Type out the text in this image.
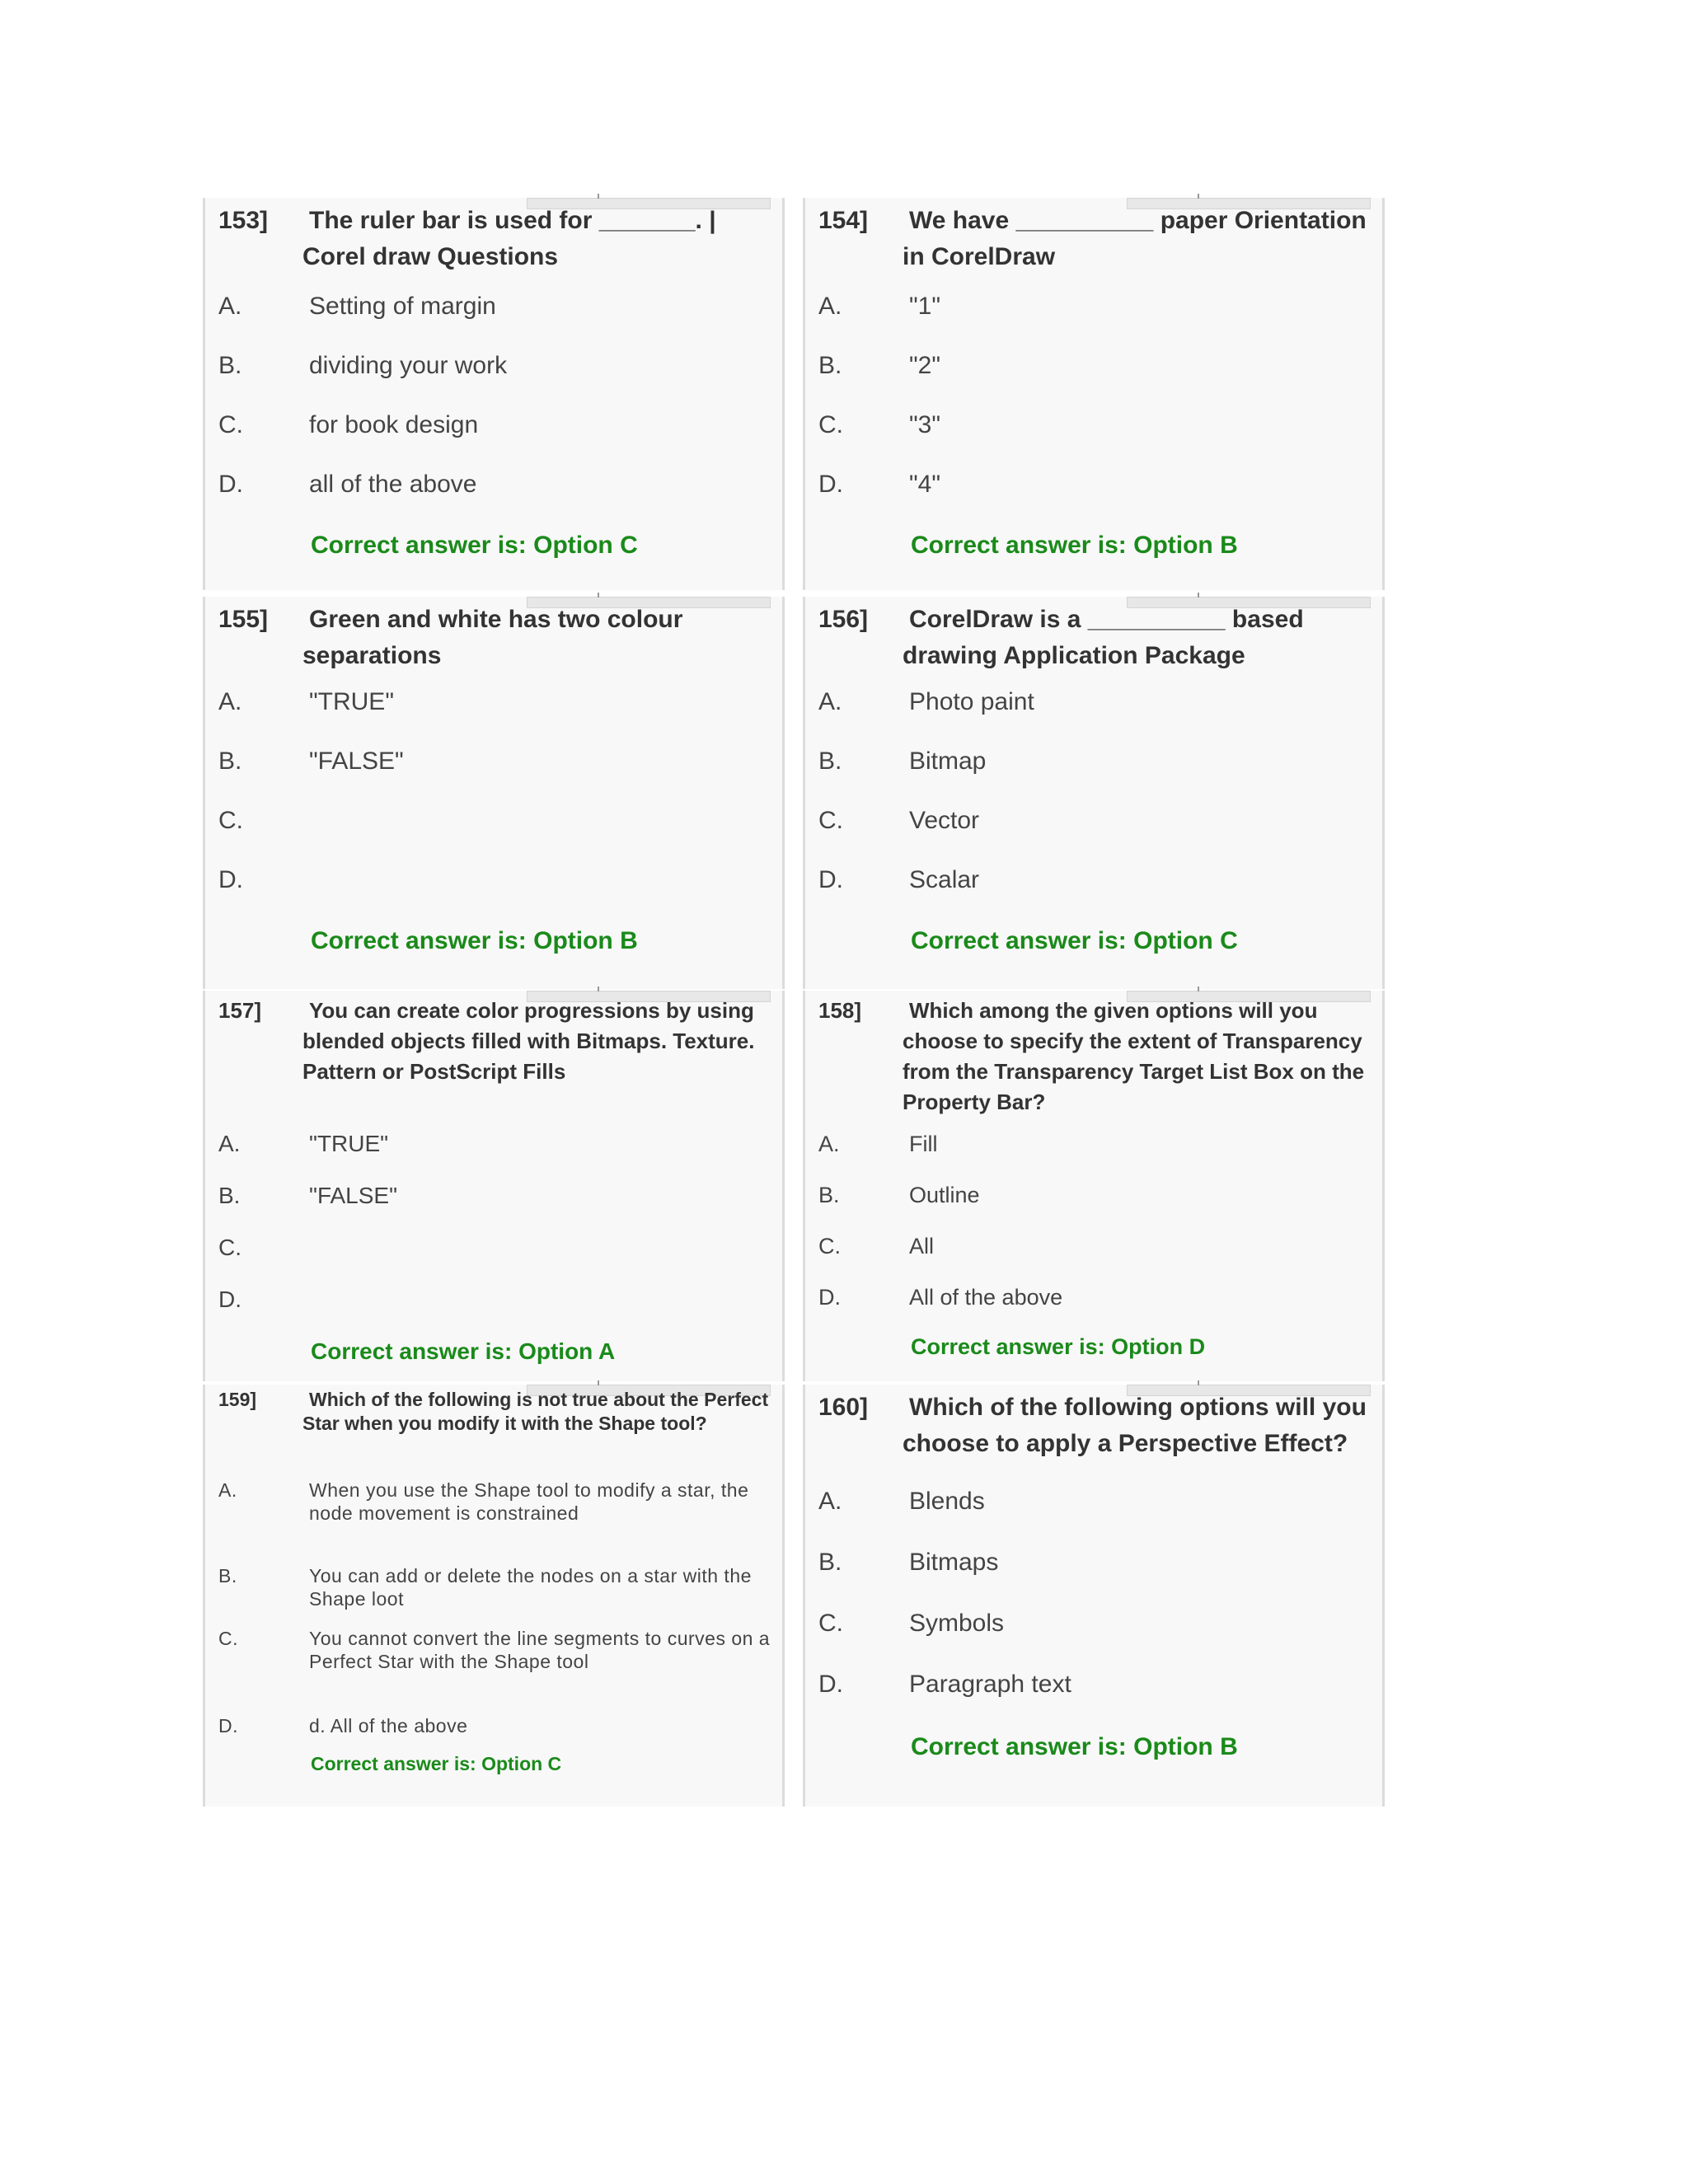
153] The ruler bar is used for _______. | Corel draw Questions
A.	Setting of margin
B.	dividing your work
C.	for book design
D.	all of the above
Correct answer is: Option C
155] Green and white has two colour separations
A.	"TRUE"
B.	"FALSE"
C.
D.
Correct answer is: Option B
157]	You can create color progressions by using blended objects filled with Bitmaps. Texture. Pattern or PostScript Fills
A.	"TRUE"
B.	"FALSE"
C.
D.
Correct answer is: Option A
159]	Which of the following is not true about the Perfect Star when you modify it with the Shape tool?
A.	When you use the Shape tool to modify a star, the node movement is constrained
B.	You can add or delete the nodes on a star with the Shape loot
C.	You cannot convert the line segments to curves on a Perfect Star with the Shape tool
D.	d. All of the above
Correct answer is: Option C
154] We have __________ paper Orientation in CorelDraw
A.	"1"
B.	"2"
C.	"3"
D.	"4"
Correct answer is: Option B
156] CorelDraw is a __________ based drawing Application Package
A.	Photo paint
B.	Bitmap
C.	Vector
D.	Scalar
Correct answer is: Option C
158]	Which among the given options will you choose to specify the extent of Transparency from the Transparency Target List Box on the Property Bar?
A.	Fill
B.	Outline
C.	All
D.	All of the above
Correct answer is: Option D
160] Which of the following options will you choose to apply a Perspective Effect?
A.	Blends
B.	Bitmaps
C.	Symbols
D.	Paragraph text
Correct answer is: Option B
